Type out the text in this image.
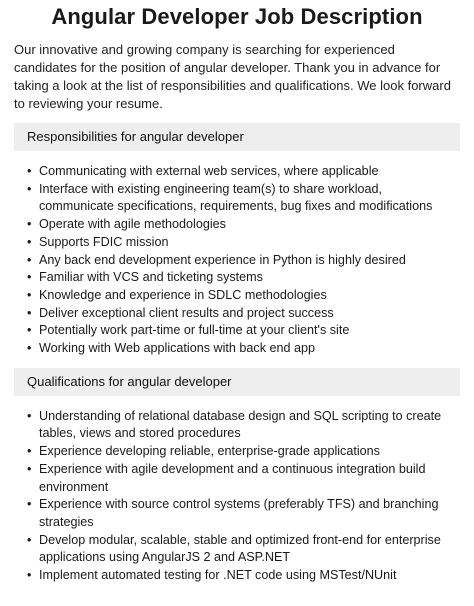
Angular Developer Job Description

Our innovative and growing company is searching for experienced candidates for the position of angular developer. Thank you in advance for taking a look at the list of responsibilities and qualifications. We look forward to reviewing your resume.

Responsibilities for angular developer
• Communicating with external web services, where applicable
• Interface with existing engineering team(s) to share workload, communicate specifications, requirements, bug fixes and modifications
• Operate with agile methodologies
• Supports FDIC mission
• Any back end development experience in Python is highly desired
• Familiar with VCS and ticketing systems
• Knowledge and experience in SDLC methodologies
• Deliver exceptional client results and project success
• Potentially work part-time or full-time at your client's site
• Working with Web applications with back end app
Qualifications for angular developer
• Understanding of relational database design and SQL scripting to create tables, views and stored procedures
• Experience developing reliable, enterprise-grade applications
• Experience with agile development and a continuous integration build environment
• Experience with source control systems (preferably TFS) and branching strategies
• Develop modular, scalable, stable and optimized front-end for enterprise applications using AngularJS 2 and ASP.NET
• Implement automated testing for .NET code using MSTest/NUnit
